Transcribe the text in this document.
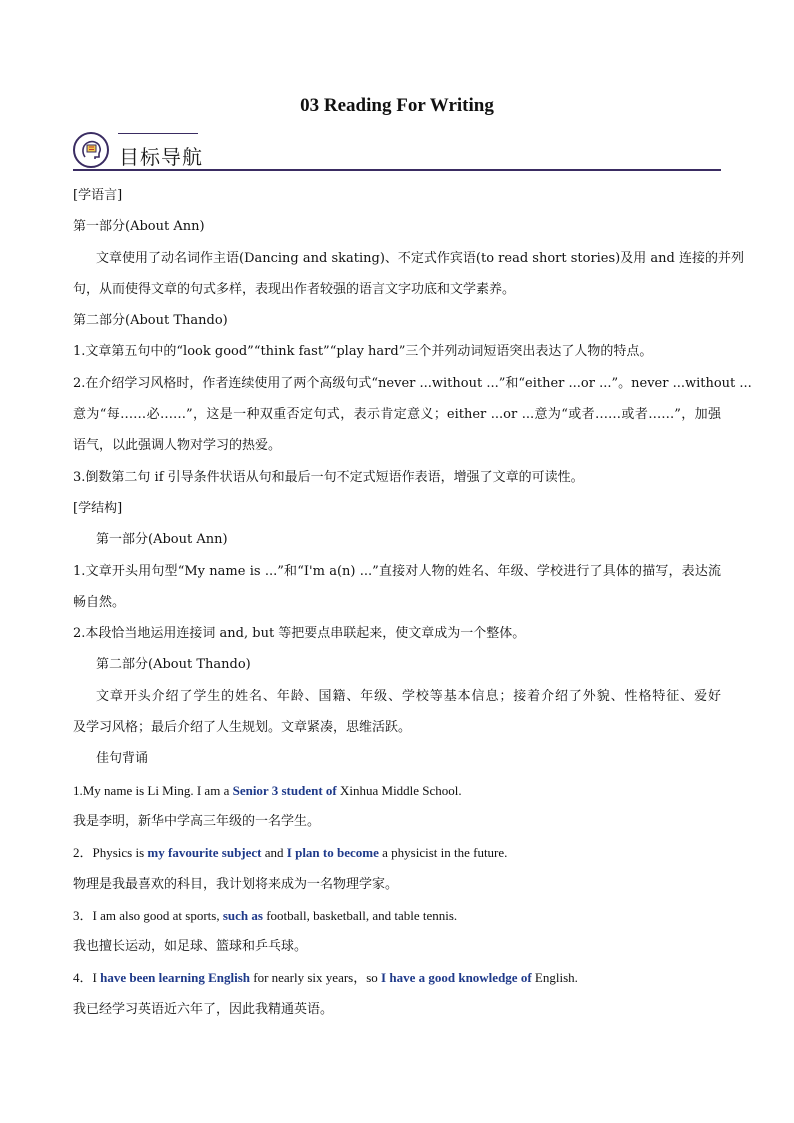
03 Reading For Writing
目标导航
[学语言]
第一部分(About Ann)
文章使用了动名词作主语(Dancing and skating)、不定式作宾语(to read short stories)及用 and 连接的并列
句，从而使得文章的句式多样，表现出作者较强的语言文字功底和文学素养。
第二部分(About Thando)
1.文章第五句中的“look good”“think fast”“play hard”三个并列动词短语突出表达了人物的特点。
2.在介绍学习风格时，作者连续使用了两个高级句式“never ...without ...”和“either ...or ...”。never ...without ...
意为“每……必……”，这是一种双重否定句式，表示肯定意义；either ...or ...意为“或者……或者……”，加强
语气，以此强调人物对学习的热爱。
3.倒数第二句 if 引导条件状语从句和最后一句不定式短语作表语，增强了文章的可读性。
[学结构]
第一部分(About Ann)
1.文章开头用句型“My name is ...”和“I'm a(n) ...”直接对人物的姓名、年级、学校进行了具体的描写，表达流
畅自然。
2.本段恰当地运用连接词 and, but 等把要点串联起来，使文章成为一个整体。
第二部分(About Thando)
文章开头介绍了学生的姓名、年龄、国籍、年级、学校等基本信息；接着介绍了外貌、性格特征、爱好
及学习风格；最后介绍了人生规划。文章紧凑，思维活跃。
佳句背诵
1.My name is Li Ming. I am a Senior 3 student of Xinhua Middle School.
我是李明，新华中学高三年级的一名学生。
2．Physics is my favourite subject and I plan to become a physicist in the future.
物理是我最喜欢的科目，我计划将来成为一名物理学家。
3．I am also good at sports, such as football, basketball, and table tennis.
我也擅长运动，如足球、篮球和乒乓球。
4．I have been learning English for nearly six years，so I have a good knowledge of English.
我已经学习英语近六年了，因此我精通英语。
